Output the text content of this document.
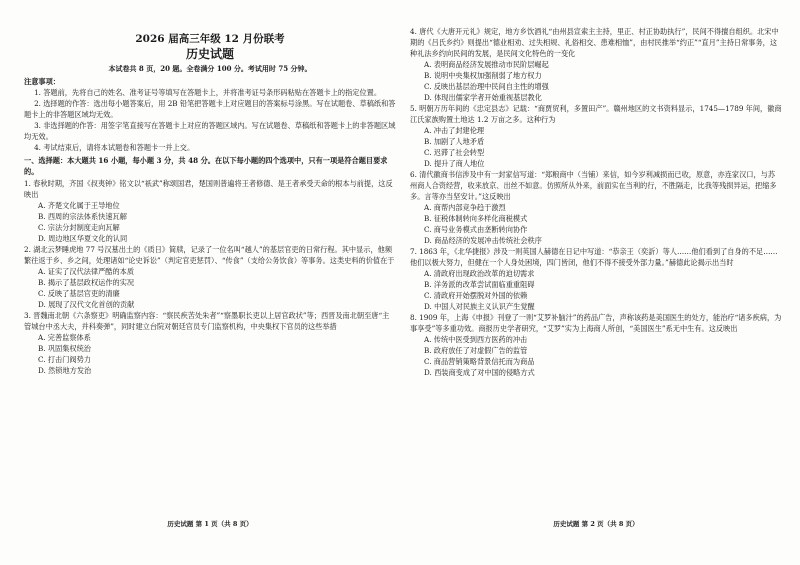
2026 届高三年级 12 月份联考
历史试题
本试卷共 8 页，20 题。全卷满分 100 分。考试用时 75 分钟。
注意事项：

1. 答题前，先将自己的姓名、准考证号等填写在答题卡上，并将准考证号条形码粘贴在答题卡上的指定位置。

2. 选择题的作答：选出每小题答案后，用 2B 铅笔把答题卡上对应题目的答案标号涂黑。写在试题卷、草稿纸和答题卡上的非答题区域均无效。

3. 非选择题的作答：用签字笔直接写在答题卡上对应的答题区域内。写在试题卷、草稿纸和答题卡上的非答题区域均无效。

4. 考试结束后，请将本试题卷和答题卡一并上交。

一、选择题：本大题共 16 小题，每小题 3 分，共 48 分。在以下每小题的四个选项中，只有一项是符合题目要求的。

1. 春秋时期，齐国《叔夷钟》铭文以“祇武”称颂国君，楚国则普遍将王者修德、是王者承受天命的根本与前提，这反映出

A. 齐楚文化属于王导地位

B. 西周的宗法体系快速瓦解

C. 宗法分封制度走向瓦解

D. 周边地区华夏文化的认同

2. 湖北云梦睡虎地 77 号汉墓出土的《质日》简牍，记录了一位名叫“越人”的基层官吏的日常行程。其中显示，他频繁往返于乡、乡之间，处理诸如“论史诉讼”（判定官吏惩罚）、“传食”（支给公务饮食）等事务。这类史料的价值在于

A. 证实了汉代法律严酷的本质

B. 揭示了基层政权运作的实况

C. 反映了基层官吏的清廉

D. 展现了汉代文化首创的贡献

3. 晋魏南北朝《六条察吏》明确监察内容：“察民疾苦处朱者”“察墨职长吏以上居官政状”等；西晋及南北朝至唐“主管城台中丞大夫，并科奏弹”，同时建立台院对朝廷官员专门监察机构，中央集权下官员的这些举措

A. 完善监察体系

B. 巩固集权统治

C. 打击门阀势力

D. 然锁地方发治

4. 唐代《大唐开元礼》规定，地方乡饮酒礼“由州县宣索主主持，里正、村正协助执行”，民间不得擅自组织。北宋中期的《吕氏乡约》则提出“德业相劝、过失相规、礼俗相交、患难相恤”，由村民推举“约正”“直月”主持日常事务，这种礼法乡约向民间的发展，是民间文化特色的一变化

A. 表明商品经济发展推动市民阶层崛起

B. 说明中央集权加强削弱了地方权力

C. 反映出基层治理中民间自主性的增强

D. 体现出儒家学者开始重视基层教化

5. 明朝万历年间的《忠定县志》记载：“商贾贸利，多置田产”。赣州地区的文书资料显示，1745—1789 年间，徽商江氏家族购置土地达 1.2 万亩之多。这种行为

A. 冲击了封建伦理

B. 加剧了人地矛盾

C. 迟滞了社会转型

D. 提升了商人地位

6. 清代徽商书信涉及中有一封家信写道：“郑粮商中（当铺）来信，如今岁利减损而已收，原意，亦连家汉口，与苏州商人合资经营，收来放京、出丝不如意。仿照所从外来，前面实在当利的行，不胜隔走，比我等残损异运，把缩多多。言等亦当坚安计。”这反映出

A. 商帮内部竞争趋于激烈

B. 征税体制转向多样化商税模式

C. 商号业务模式由垄断转向协作

D. 商品经济的发展冲击传统社会秩序

7. 1863 年，《北华捷报》涉及一则英国人赫德在日记中写道：“恭亲王（奕訢）等人……他们看到了自身的不足……他们以极大努力，但健在一个人身处困境，四门皆闭，他们不得不接受外部力量。”赫德此论揭示出当时

A. 清政府出现政治改革的迫切需求

B. 洋务派的改革尝试面临重重阻碍

C. 清政府开始摆脱对外国的依赖

D. 中国人对民族主义认识产生觉醒

8. 1909 年，上海《申报》刊登了一则“艾罗补脑汁”的药品广告，声称该药是美国医生的处方，能治疗“诸多疾病，为事享受”等多重功效。商报历史学者研究，“艾罗”实为上海商人所创，“美国医生”系无中生有。这反映出

A. 传统中医受到西方医药的冲击

B. 政府放任了对虚假广告的监管

C. 商品营销策略背景信托而为商品

D. 西装商变成了对中国的侵略方式

历史试题 第 1 页（共 8 页）	历史试题 第 2 页（共 8 页）
